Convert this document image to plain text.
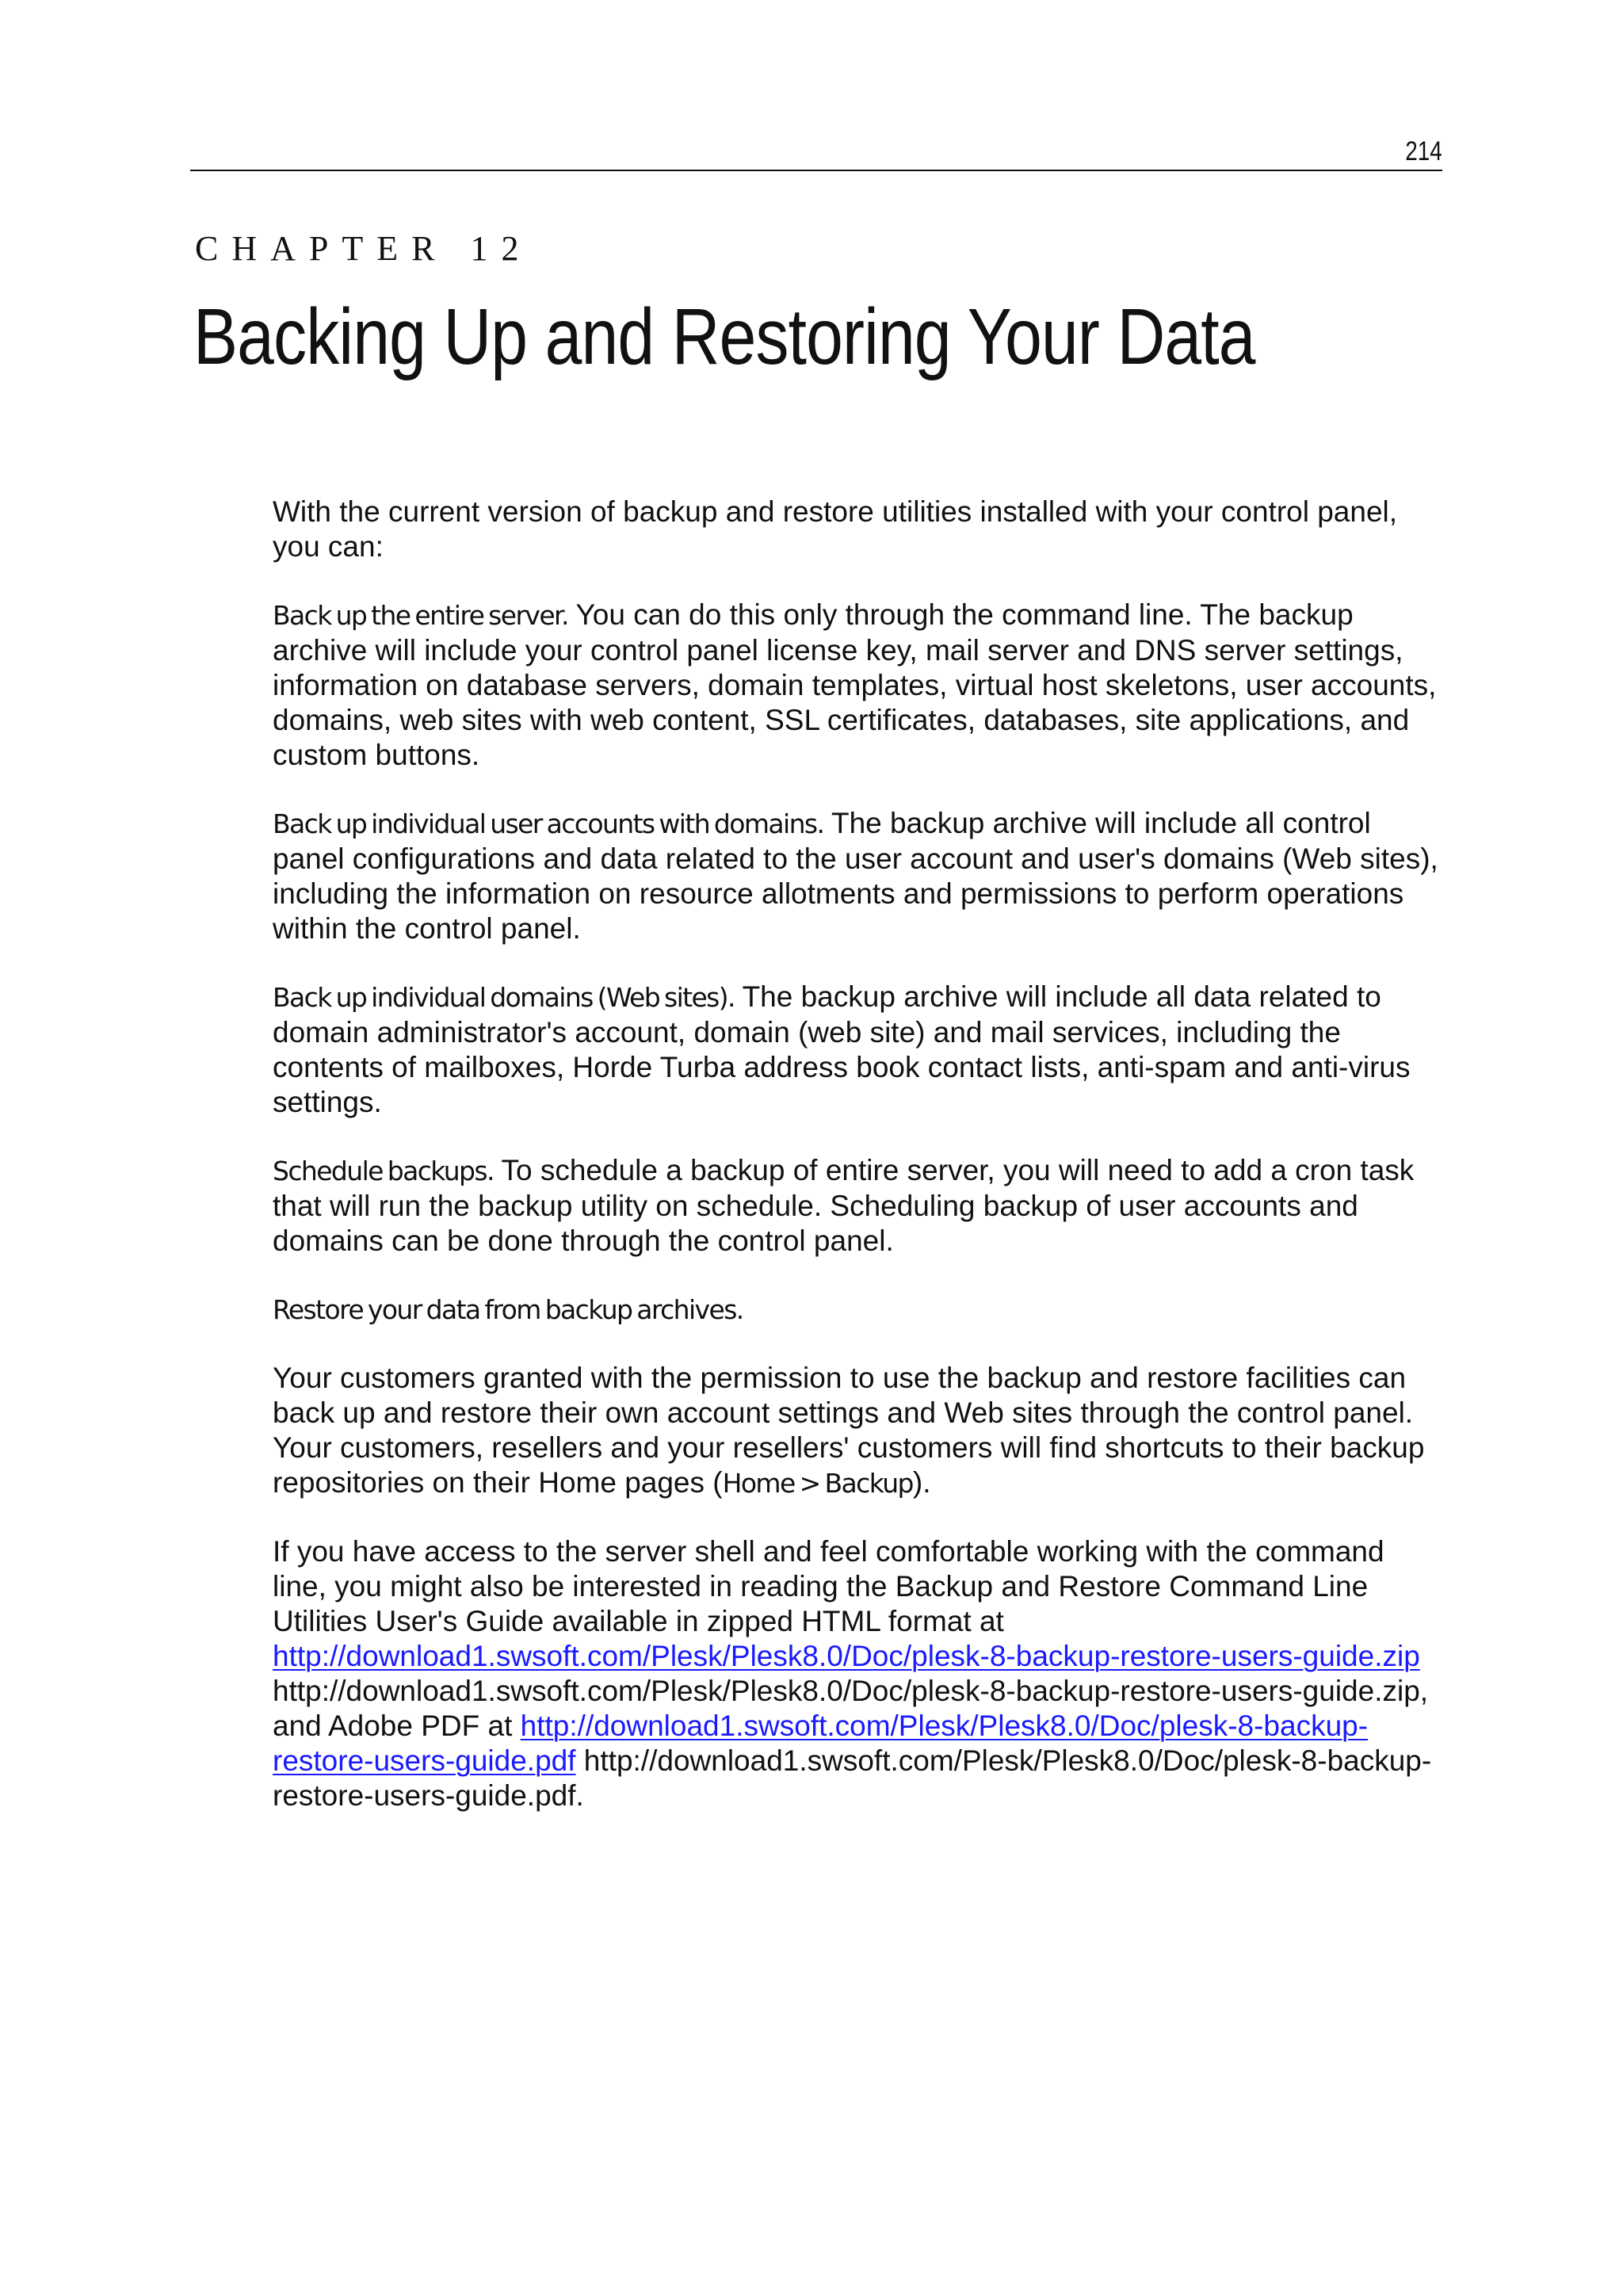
214
CHAPTER 12
Backing Up and Restoring Your Data

With the current version of backup and restore utilities installed with your control panel, you can:

Back up the entire server. You can do this only through the command line. The backup archive will include your control panel license key, mail server and DNS server settings, information on database servers, domain templates, virtual host skeletons, user accounts, domains, web sites with web content, SSL certificates, databases, site applications, and custom buttons.

Back up individual user accounts with domains. The backup archive will include all control panel configurations and data related to the user account and user's domains (Web sites), including the information on resource allotments and permissions to perform operations within the control panel.

Back up individual domains (Web sites). The backup archive will include all data related to domain administrator's account, domain (web site) and mail services, including the contents of mailboxes, Horde Turba address book contact lists, anti-spam and anti-virus settings.

Schedule backups. To schedule a backup of entire server, you will need to add a cron task that will run the backup utility on schedule. Scheduling backup of user accounts and domains can be done through the control panel.

Restore your data from backup archives.

Your customers granted with the permission to use the backup and restore facilities can back up and restore their own account settings and Web sites through the control panel. Your customers, resellers and your resellers' customers will find shortcuts to their backup repositories on their Home pages (Home > Backup).

If you have access to the server shell and feel comfortable working with the command line, you might also be interested in reading the Backup and Restore Command Line Utilities User's Guide available in zipped HTML format at http://download1.swsoft.com/Plesk/Plesk8.0/Doc/plesk-8-backup-restore-users-guide.zip http://download1.swsoft.com/Plesk/Plesk8.0/Doc/plesk-8-backup-restore-users-guide.zip, and Adobe PDF at http://download1.swsoft.com/Plesk/Plesk8.0/Doc/plesk-8-backup-restore-users-guide.pdf http://download1.swsoft.com/Plesk/Plesk8.0/Doc/plesk-8-backup-restore-users-guide.pdf.
